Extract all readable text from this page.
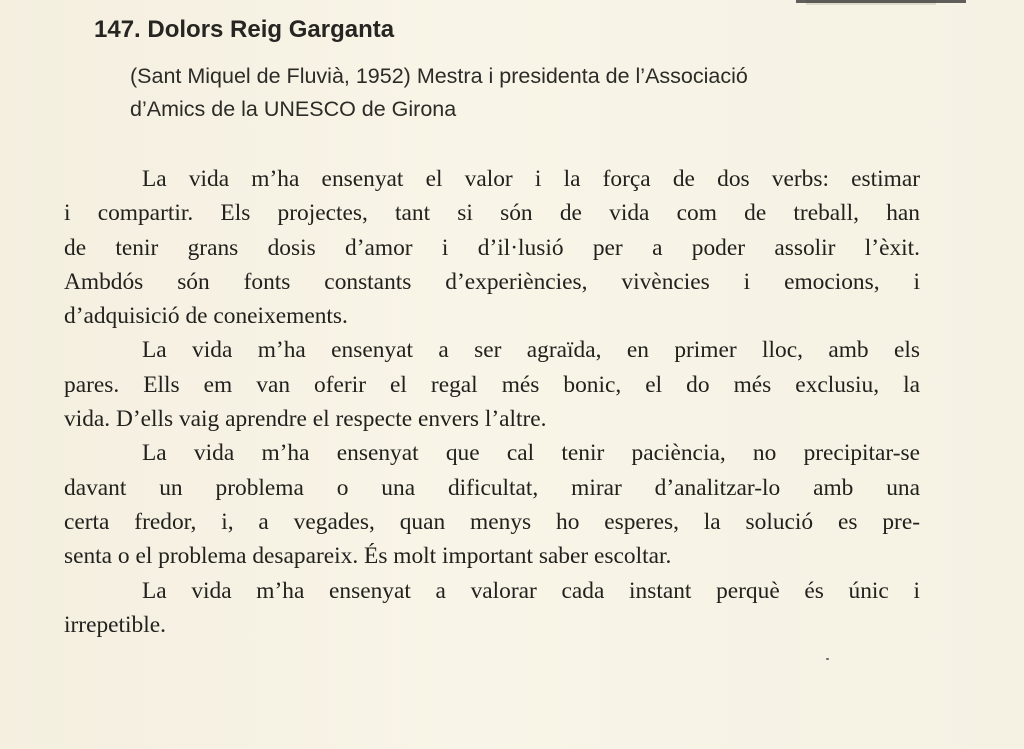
147. Dolors Reig Garganta
(Sant Miquel de Fluvià, 1952) Mestra i presidenta de l’Associació
d’Amics de la UNESCO de Girona
La vida m’ha ensenyat el valor i la força de dos verbs: estimar
i compartir. Els projectes, tant si són de vida com de treball, han
de tenir grans dosis d’amor i d’il·lusió per a poder assolir l’èxit.
Ambdós són fonts constants d’experiències, vivències i emocions, i
d’adquisició de coneixements.
La vida m’ha ensenyat a ser agraïda, en primer lloc, amb els
pares. Ells em van oferir el regal més bonic, el do més exclusiu, la
vida. D’ells vaig aprendre el respecte envers l’altre.
La vida m’ha ensenyat que cal tenir paciència, no precipitar-se
davant un problema o una dificultat, mirar d’analitzar-lo amb una
certa fredor, i, a vegades, quan menys ho esperes, la solució es pre-
senta o el problema desapareix. És molt important saber escoltar.
La vida m’ha ensenyat a valorar cada instant perquè és únic i
irrepetible.
